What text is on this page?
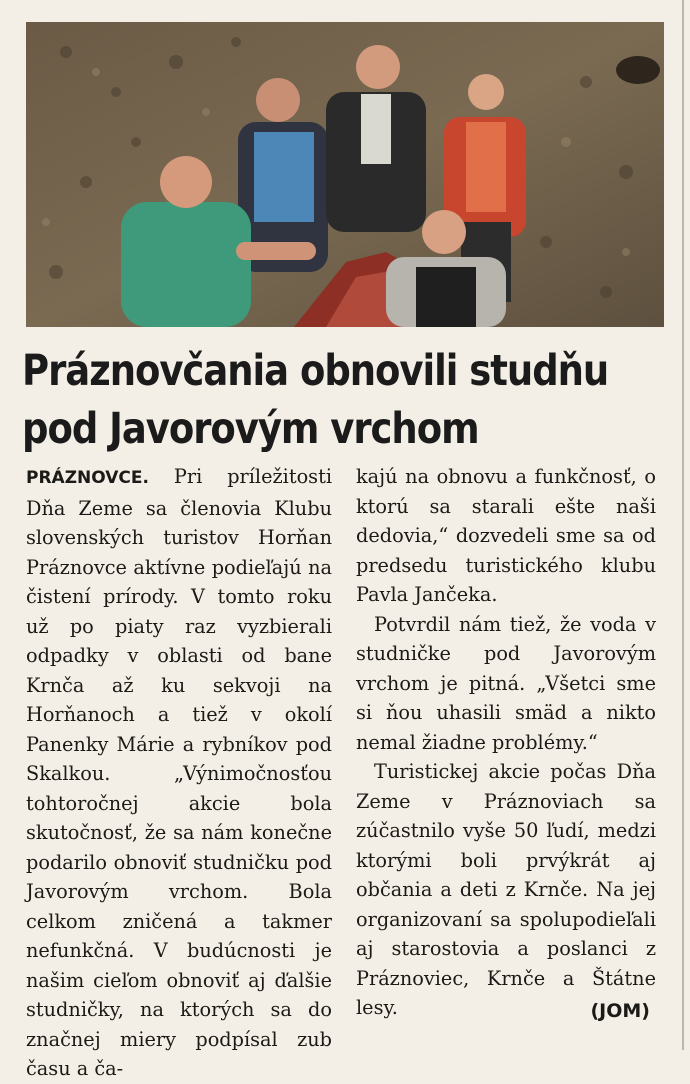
Práznovčania obnovili studňu
pod Javorovým vrchom

PRÁZNOVCE. Pri príležitosti Dňa Zeme sa členovia Klubu slovenských turistov Horňan Práznovce aktívne podieľajú na čistení prírody. V tomto roku už po piaty raz vyzbierali odpadky v oblasti od bane Krnča až ku sekvoji na Horňanoch a tiež v okolí Panenky Márie a rybníkov pod Skalkou. „Výnimočnosťou tohtoročnej akcie bola skutočnosť, že sa nám konečne podarilo obnoviť studničku pod Javorovým vrchom. Bola celkom zničená a takmer nefunkčná. V budúcnosti je našim cieľom obnoviť aj ďalšie studničky, na ktorých sa do značnej miery podpísal zub času a ča-

kajú na obnovu a funkčnosť, o ktorú sa starali ešte naši dedovia,“ dozvedeli sme sa od predsedu turistického klubu Pavla Jančeka.

Potvrdil nám tiež, že voda v studničke pod Javorovým vrchom je pitná. „Všetci sme si ňou uhasili smäd a nikto nemal žiadne problémy.“

Turistickej akcie počas Dňa Zeme v Práznoviach sa zúčastnilo vyše 50 ľudí, medzi ktorými boli prvýkrát aj občania a deti z Krnče. Na jej organizovaní sa spolupodieľali aj starostovia a poslanci z Práznoviec, Krnče a Štátne lesy.	(JOM)
